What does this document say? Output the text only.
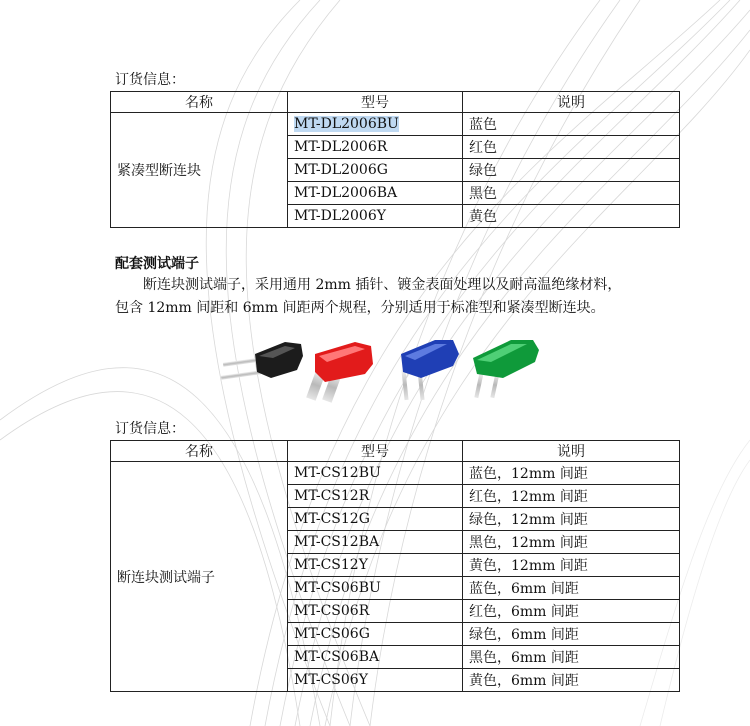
订货信息：
名称	型号	说明
紧凑型断连块	MT-DL2006BU	蓝色
	MT-DL2006R	红色
	MT-DL2006G	绿色
	MT-DL2006BA	黑色
	MT-DL2006Y	黄色
配套测试端子

断连块测试端子，采用通用 2mm 插针、镀金表面处理以及耐高温绝缘材料，

包含 12mm 间距和 6mm 间距两个规程，分别适用于标准型和紧凑型断连块。

订货信息：
名称	型号	说明
断连块测试端子	MT-CS12BU	蓝色，12mm 间距
	MT-CS12R	红色，12mm 间距
	MT-CS12G	绿色，12mm 间距
	MT-CS12BA	黑色，12mm 间距
	MT-CS12Y	黄色，12mm 间距
	MT-CS06BU	蓝色，6mm 间距
	MT-CS06R	红色，6mm 间距
	MT-CS06G	绿色，6mm 间距
	MT-CS06BA	黑色，6mm 间距
	MT-CS06Y	黄色，6mm 间距
